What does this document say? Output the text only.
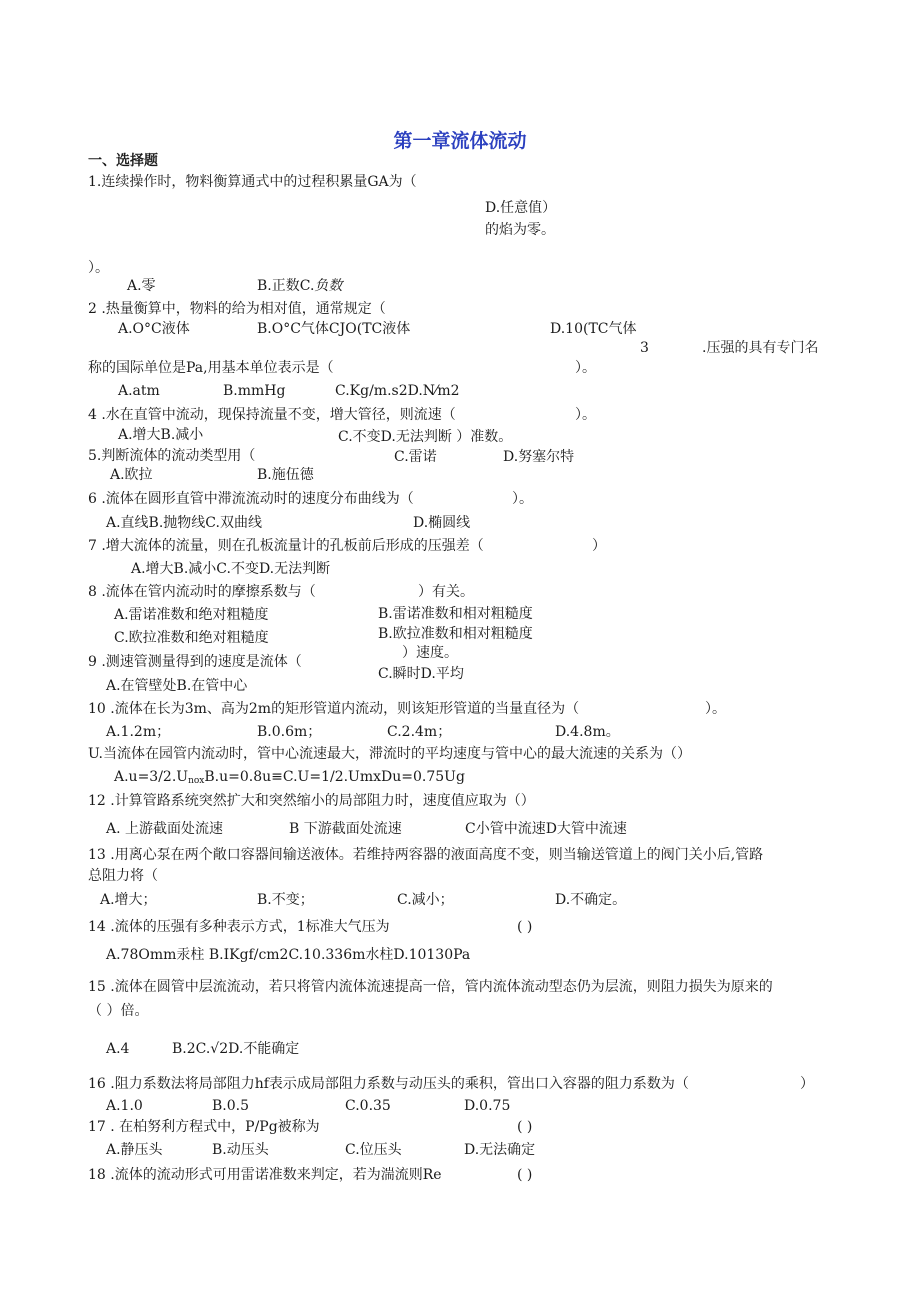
第一章流体流动
一、选择题
1.连续操作时，物料衡算通式中的过程积累量GA为（
D.任意值）
的焰为零。
）。
A.零	B.正数C.负数
2 .热量衡算中，物料的给为相对值，通常规定（
A.O°C液体	B.O°C气体CJO(TC液体	D.10(TC气体
3	.压强的具有专门名
称的国际单位是Pa,用基本单位表示是（	）。
A.atm	B.mmHg	C.Kg/m.s2D.N⁄m2
4 .水在直管中流动，现保持流量不变，增大管径，则流速（	）。
A.增大B.减小	C.不变D.无法判断 ）准数。
5.判断流体的流动类型用（	C.雷诺	D.努塞尔特
A.欧拉	B.施伍德
6 .流体在圆形直管中滞流流动时的速度分布曲线为（	）。
A.直线B.抛物线C.双曲线	D.椭圆线
7 .增大流体的流量，则在孔板流量计的孔板前后形成的压强差（	）
A.增大B.减小C.不变D.无法判断
8 .流体在管内流动时的摩擦系数与（	）有关。
A.雷诺准数和绝对粗糙度	B.雷诺准数和相对粗糙度
C.欧拉准数和绝对粗糙度	B.欧拉准数和相对粗糙度
）速度。
9 .测速管测量得到的速度是流体（
C.瞬时D.平均
A.在管壁处B.在管中心
10 .流体在长为3m、高为2m的矩形管道内流动，则该矩形管道的当量直径为（	）。
A.1.2m；	B.0.6m；	C.2.4m；	D.4.8m。
U.当流体在园管内流动时，管中心流速最大，滞流时的平均速度与管中心的最大流速的关系为（）
$A.u=3/2.U_{nox}B.u=0.8u\equiv C.U=1/2.UmxDu=0.75Ug$
12 .计算管路系统突然扩大和突然缩小的局部阻力时，速度值应取为（）
A. 上游截面处流速	B 下游截面处流速	C小管中流速D大管中流速
13 .用离心泵在两个敞口容器间输送液体。若维持两容器的液面高度不变，则当输送管道上的阀门关小后,管路
总阻力将（
A.增大；	B.不变；	C.减小；	D.不确定。
14 .流体的压强有多种表示方式，1标准大气压为	( )
A.78Omm汞柱 B.IKgf/cm2C.10.336m水柱D.10130Pa
15 .流体在圆管中层流流动，若只将管内流体流速提高一倍，管内流体流动型态仍为层流，则阻力损失为原来的
（ ）倍。
A.4	B.2C.√2D.不能确定
16 .阻力系数法将局部阻力hf表示成局部阻力系数与动压头的乘积，管出口入容器的阻力系数为（	）
A.1.0	B.0.5	C.0.35	D.0.75
17 . 在柏努利方程式中，P/Pg被称为	( )
A.静压头	B.动压头	C.位压头	D.无法确定
18 .流体的流动形式可用雷诺准数来判定，若为湍流则Re	( )
